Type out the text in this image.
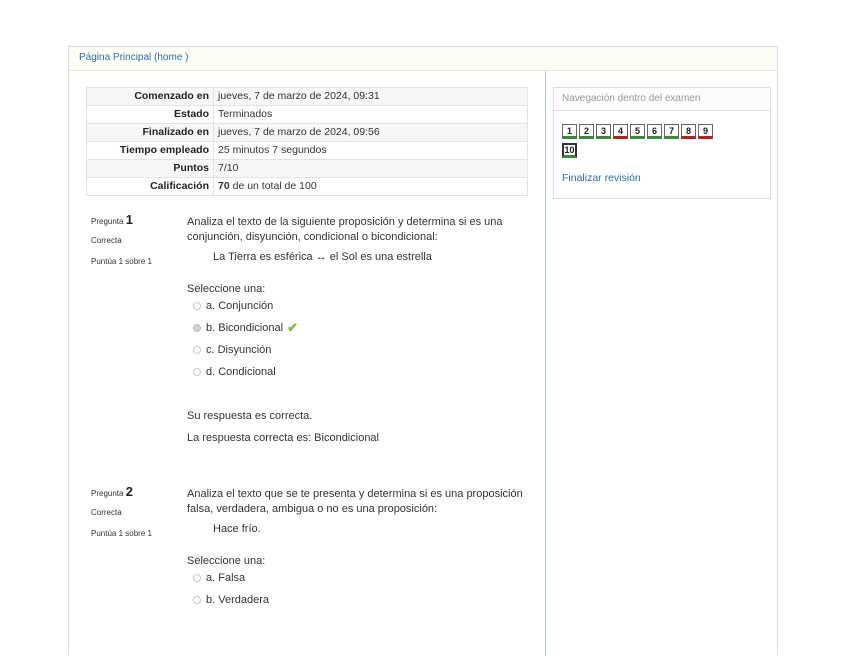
Página Principal (home )
Comenzado en	jueves, 7 de marzo de 2024, 09:31
Estado	Terminados
Finalizado en	jueves, 7 de marzo de 2024, 09:56
Tiempo empleado	25 minutos 7 segundos
Puntos	7/10
Calificación	70 de un total de 100
Pregunta 1
Correcta
Puntúa 1 sobre 1
Analiza el texto de la siguiente proposición y determina si es una conjunción, disyunción, condicional o bicondicional:
La Tierra es esférica ↔ el Sol es una estrella
Seleccione una:
a. Conjunción
b. Bicondicional ✔
c. Disyunción
d. Condicional
Su respuesta es correcta.
La respuesta correcta es: Bicondicional
Pregunta 2
Correcta
Puntúa 1 sobre 1
Analiza el texto que se te presenta y determina si es una proposición falsa, verdadera, ambigua o no es una proposición:
Hace frío.
Seleccione una:
a. Falsa
b. Verdadera
Navegación dentro del examen
1 2 3 4 5 6 7 8 9
10
Finalizar revisión
